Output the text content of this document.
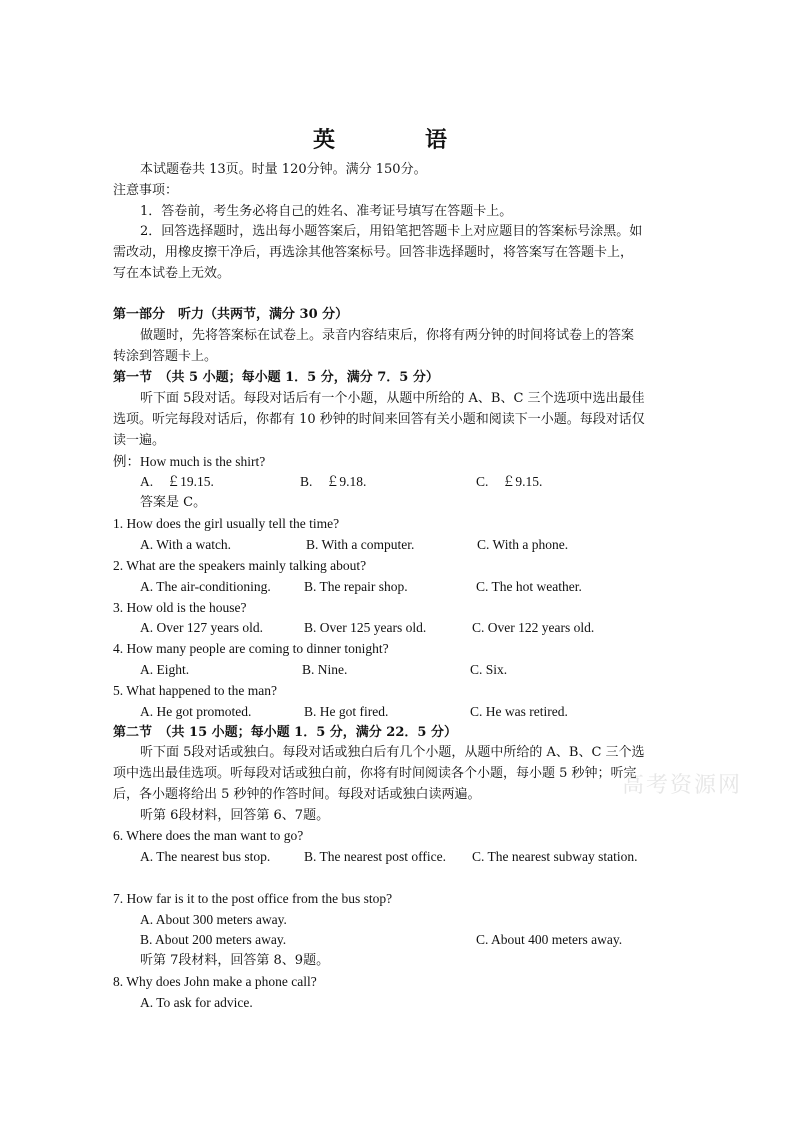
英　语
本试题卷共 13页。时量 120分钟。满分 150分。
注意事项：
1．答卷前，考生务必将自己的姓名、准考证号填写在答题卡上。
2．回答选择题时，选出每小题答案后，用铅笔把答题卡上对应题目的答案标号涂黑。如
需改动，用橡皮擦干净后，再选涂其他答案标号。回答非选择题时，将答案写在答题卡上，
写在本试卷上无效。
第一部分　听力（共两节，满分 30 分）
做题时，先将答案标在试卷上。录音内容结束后，你将有两分钟的时间将试卷上的答案
转涂到答题卡上。
第一节　（共 5 小题；每小题 1．5 分，满分 7．5 分）
听下面 5段对话。每段对话后有一个小题，从题中所给的 A、B、C 三个选项中选出最佳
选项。听完每段对话后，你都有 10 秒钟的时间来回答有关小题和阅读下一小题。每段对话仅
读一遍。
例：How much is the shirt?
A.　￡19.15.	B.　￡9.18.	C.　￡9.15.
答案是 C。
1. How does the girl usually tell the time?
A. With a watch.	B. With a computer.	C. With a phone.
2. What are the speakers mainly talking about?
A. The air-conditioning. B. The repair shop.	C. The hot weather.
3. How old is the house?
A. Over 127 years old.	B. Over 125 years old.	C. Over 122 years old.
4. How many people are coming to dinner tonight?
A. Eight.	B. Nine.	C. Six.
5. What happened to the man?
A. He got promoted.	B. He got fired.	C. He was retired.
第二节　（共 15 小题；每小题 1．5 分，满分 22．5 分）
听下面 5段对话或独白。每段对话或独白后有几个小题，从题中所给的 A、B、C 三个选
项中选出最佳选项。听每段对话或独白前，你将有时间阅读各个小题，每小题 5 秒钟；听完
后，各小题将给出 5 秒钟的作答时间。每段对话或独白读两遍。	高考资源网
听第 6段材料，回答第 6、7题。
6. Where does the man want to go?
A. The nearest bus stop.	B. The nearest post office. C. The nearest subway station.
7. How far is it to the post office from the bus stop?
A. About 300 meters away.
B. About 200 meters away.	C. About 400 meters away.
听第 7段材料，回答第 8、9题。
8. Why does John make a phone call?
A. To ask for advice.
